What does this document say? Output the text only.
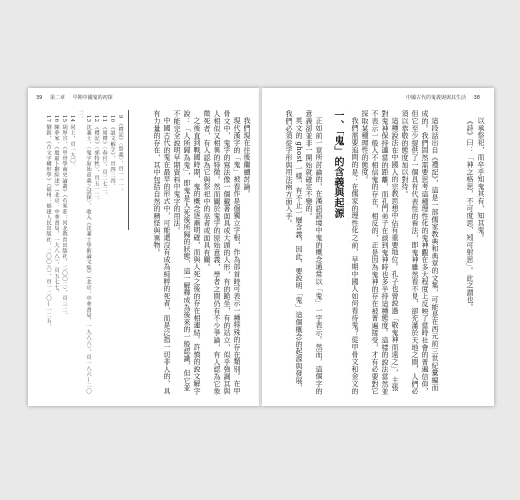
39 第二章 早期中國鬼的初探

我們現在往後繼續討論。

現代漢字的「鬼」被看作是個獨立字根，作為部首時可表示一種特殊的存在類別。在甲骨文中，鬼字的寫法像一個戴著面具或大頭的人形，有的跪坐，有的站立，似乎強調其與人相似又相異的特徵。然而關於鬼字的原始意義，學者之間仍有不少爭論，有人認為它象徵死者，有人認為它與祭祀中的巫者或面具有關。

之後直到戰國時期，鬼的概念逐漸明確，而與人死之後的存在相連結。許慎的說文解字說：「人所歸為鬼」，即鬼是人死後所歸的狀態，這一解釋成為後來的一般認識，但它並不能完全說明早期資料中鬼字的用法。

中國古代的鬼在最早的形式中，可能還沒有成為純粹的死者，而是泛指一切非人的、具有力量的存在，其中包括自然的精怪與異物。

9 《禮記》〈祭義〉，頁一一一。

10 《說文解字》，頁四三四。

11 《周禮》〈春官〉，頁二七二。

12 《禮記》〈郊特牲〉，頁五一二。

13 沈兼士，〈鬼字原始意義之試探〉，收入《沈兼士學術論文集》（北京：中華書局，一九八六），頁一八六—二〇二。

14 同上，頁一九〇。

15 胡厚宣，《甲骨學商史論叢》（石家莊：河北教育出版社，二〇〇二），頁三二。

16 陳夢家，《殷虛卜辭綜述》（北京：中華書局，一九八八），頁五七七。

17 劉釗，《古文字構形學》（福州：福建人民出版社，二〇〇六），頁一二〇—一二五。

中國古代的鬼義與與其生活 38

以承祭祀，而卒乎知鬼其有，知其鬼。

《詩》曰：「神之格思，不可度思，矧可射思」。此之謂也。

這段話出自《禮記》，這是一部儒家教典和典章的文集，可能是在西元前三世紀彙編而成的。我們固然需要思考這種理性化的鬼神觀在多大程度上反映了當時社會的普遍信仰，但它至少提供了一個具有代表性的看法，即鬼神雖然看不見，卻充滿於天地之間，人們必須以恭敬的態度加以對待。

這種說法在中國人的宗教思想中佔有重要地位。孔子也曾說過「敬鬼神而遠之」，主張對鬼神保持適當的距離，而孔門弟子在談到鬼神時也多半持這種態度。這樣的說法當然並不表示一般人不相信鬼的存在，相反的，正是因為鬼神的存在被普遍接受，才有必要對它採取某種理性的態度。

我們需要追問的是：在儒家的理性化之前，早期中國人如何看待鬼？從甲骨文和金文的

一、「鬼」的含義與起源

正如前一章所討論的，在漢語語境中鬼的概念通常以「鬼」一字表示。然而，這個字的意義卻並非一開始就確定不變的。

英文的 ghost 一樣，有不止一層含義，因此，要說明「鬼」這個概念的起源與發展，我們必須從字形與用法兩方面入手。
